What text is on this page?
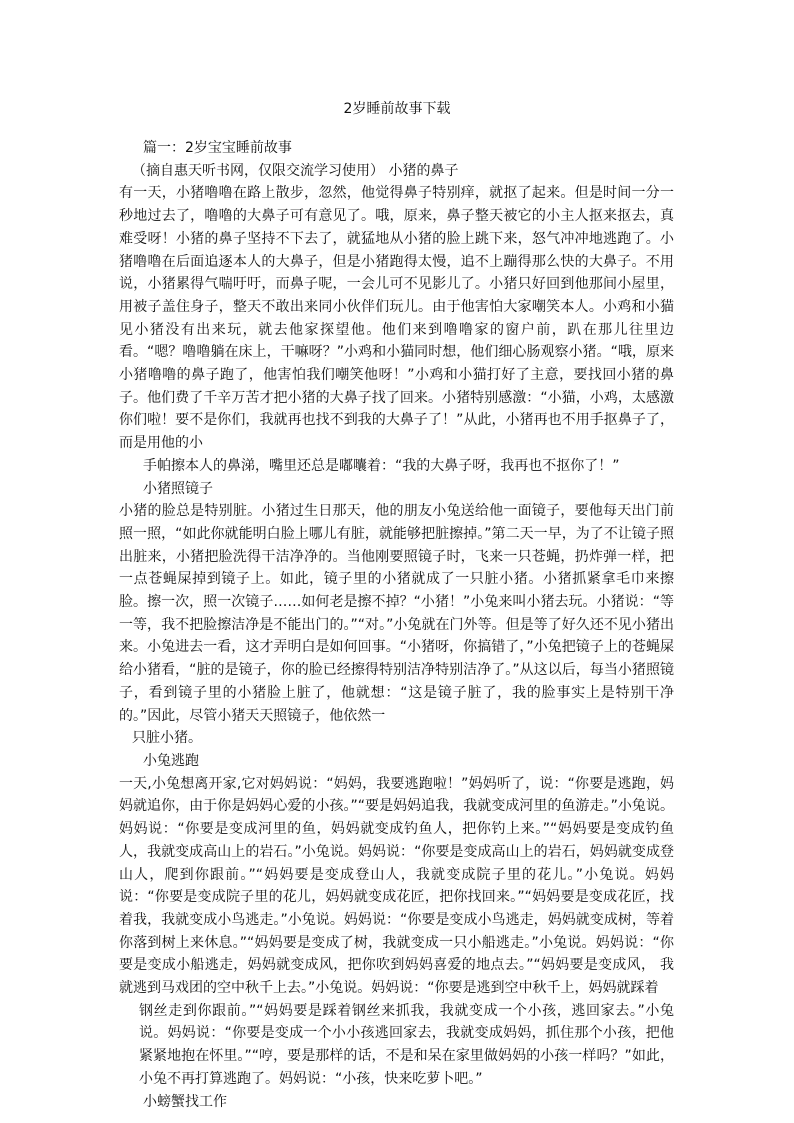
2岁睡前故事下载

篇一：2岁宝宝睡前故事

（摘自惠天听书网，仅限交流学习使用） 小猪的鼻子

有一天，小猪噜噜在路上散步，忽然，他觉得鼻子特别痒，就抠了起来。但是时间一分一秒地过去了，噜噜的大鼻子可有意见了。哦，原来，鼻子整天被它的小主人抠来抠去，真难受呀！小猪的鼻子坚持不下去了，就猛地从小猪的脸上跳下来，怒气冲冲地逃跑了。小猪噜噜在后面追逐本人的大鼻子，但是小猪跑得太慢，追不上蹦得那么快的大鼻子。不用说，小猪累得气喘吁吁，而鼻子呢，一会儿可不见影儿了。小猪只好回到他那间小屋里，用被子盖住身子，整天不敢出来同小伙伴们玩儿。由于他害怕大家嘲笑本人。小鸡和小猫见小猪没有出来玩，就去他家探望他。他们来到噜噜家的窗户前，趴在那儿往里边看。“嗯？噜噜躺在床上，干嘛呀？”小鸡和小猫同时想，他们细心肠观察小猪。“哦，原来小猪噜噜的鼻子跑了，他害怕我们嘲笑他呀！”小鸡和小猫打好了主意，要找回小猪的鼻子。他们费了千辛万苦才把小猪的大鼻子找了回来。小猪特别感激：“小猫，小鸡，太感激你们啦！要不是你们，我就再也找不到我的大鼻子了！”从此，小猪再也不用手抠鼻子了，而是用他的小

手帕擦本人的鼻涕，嘴里还总是嘟囔着：“我的大鼻子呀，我再也不抠你了！”

小猪照镜子

小猪的脸总是特别脏。小猪过生日那天，他的朋友小兔送给他一面镜子，要他每天出门前照一照，“如此你就能明白脸上哪儿有脏，就能够把脏擦掉。”第二天一早，为了不让镜子照出脏来，小猪把脸洗得干洁净净的。当他刚要照镜子时，飞来一只苍蝇，扔炸弹一样，把一点苍蝇屎掉到镜子上。如此，镜子里的小猪就成了一只脏小猪。小猪抓紧拿毛巾来擦脸。擦一次，照一次镜子……如何老是擦不掉？“小猪！”小兔来叫小猪去玩。小猪说：“等一等，我不把脸擦洁净是不能出门的。”“对。”小兔就在门外等。但是等了好久还不见小猪出来。小兔进去一看，这才弄明白是如何回事。“小猪呀，你搞错了，”小兔把镜子上的苍蝇屎给小猪看，“脏的是镜子，你的脸已经擦得特别洁净特别洁净了。”从这以后，每当小猪照镜子，看到镜子里的小猪脸上脏了，他就想：“这是镜子脏了，我的脸事实上是特别干净的。”因此，尽管小猪天天照镜子，他依然一

只脏小猪。

小兔逃跑

一天,小兔想离开家,它对妈妈说：“妈妈，我要逃跑啦！”妈妈听了，说：“你要是逃跑，妈妈就追你，由于你是妈妈心爱的小孩。”“要是妈妈追我，我就变成河里的鱼游走。”小兔说。妈妈说：“你要是变成河里的鱼，妈妈就变成钓鱼人，把你钓上来。”“妈妈要是变成钓鱼人，我就变成高山上的岩石。”小兔说。妈妈说：“你要是变成高山上的岩石，妈妈就变成登山人，爬到你跟前。”“妈妈要是变成登山人，我就变成院子里的花儿。”小兔说。妈妈说：“你要是变成院子里的花儿，妈妈就变成花匠，把你找回来。”“妈妈要是变成花匠，找着我，我就变成小鸟逃走。”小兔说。妈妈说：“你要是变成小鸟逃走，妈妈就变成树，等着你落到树上来休息。”“妈妈要是变成了树，我就变成一只小船逃走。”小兔说。妈妈说：“你要是变成小船逃走，妈妈就变成风，把你吹到妈妈喜爱的地点去。”“妈妈要是变成风， 我就逃到马戏团的空中秋千上去。”小兔说。妈妈说：“你要是逃到空中秋千上，妈妈就踩着

钢丝走到你跟前。”“妈妈要是踩着钢丝来抓我，我就变成一个小孩，逃回家去。”小兔说。妈妈说：“你要是变成一个小小孩逃回家去，我就变成妈妈，抓住那个小孩，把他紧紧地抱在怀里。”“哼，要是那样的话，不是和呆在家里做妈妈的小孩一样吗？”如此，小兔不再打算逃跑了。妈妈说：“小孩，快来吃萝卜吧。”

小螃蟹找工作
